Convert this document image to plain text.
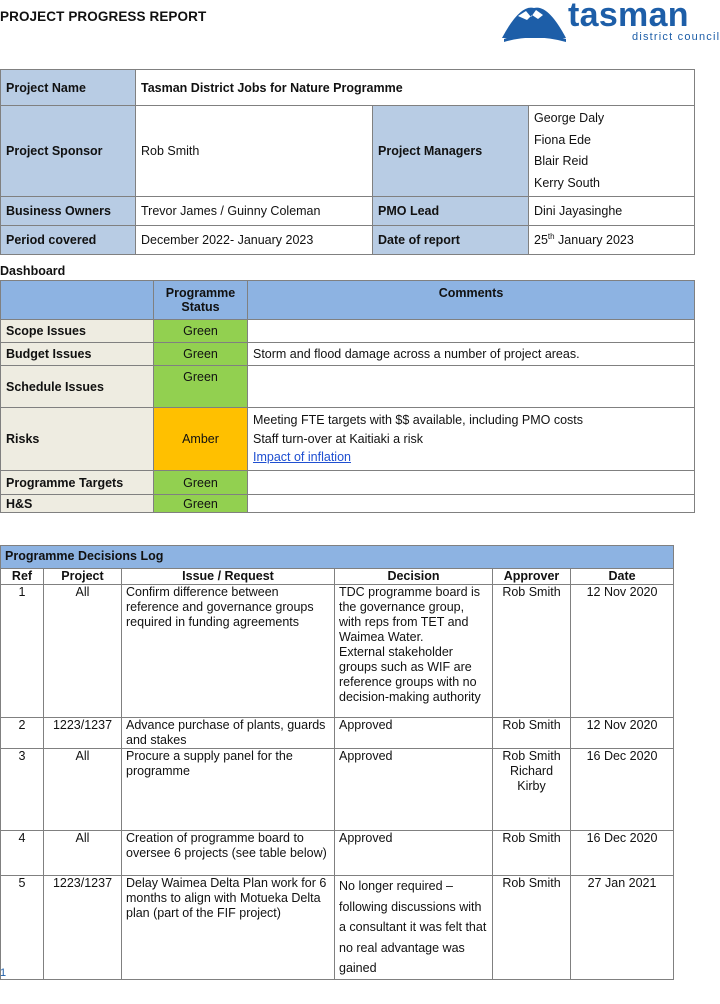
PROJECT PROGRESS REPORT	tasman
district council
Project Name	Tasman District Jobs for Nature Programme		
Project Sponsor	Rob Smith	Project Managers	George Daly
Fiona Ede
Blair Reid
Kerry South

Business Owners	Trevor James / Guinny Coleman	PMO Lead	Dini Jayasinghe
Period covered	December 2022- January 2023	Date of report	25th January 2023
Dashboard
	Programme Status	Comments
Scope Issues	Green	
Budget Issues	Green	Storm and flood damage across a number of project areas.
Schedule Issues	Green	
Risks	Amber	Meeting FTE targets with $$ available, including PMO costs
Staff turn-over at Kaitiaki a risk
Impact of inflation

Programme Targets	Green	
H&S	Green	
Programme Decisions Log					
Ref	Project	Issue / Request	Decision	Approver	Date
1	All	Confirm difference between reference and governance groups required in funding agreements	TDC programme board is the governance group, with reps from TET and Waimea Water.
External stakeholder groups such as WIF are reference groups with no decision-making authority	Rob Smith	12 Nov 2020
2	1223/1237	Advance purchase of plants, guards and stakes	Approved	Rob Smith	12 Nov 2020
3	All	Procure a supply panel for the programme	Approved	Rob Smith
Richard Kirby	16 Dec 2020
4	All	Creation of programme board to oversee 6 projects (see table below)	Approved	Rob Smith	16 Dec 2020
5	1223/1237	Delay Waimea Delta Plan work for 6 months to align with Motueka Delta plan (part of the FIF project)	No longer required – following discussions with a consultant it was felt that no real advantage was gained	Rob Smith	27 Jan 2021
1
